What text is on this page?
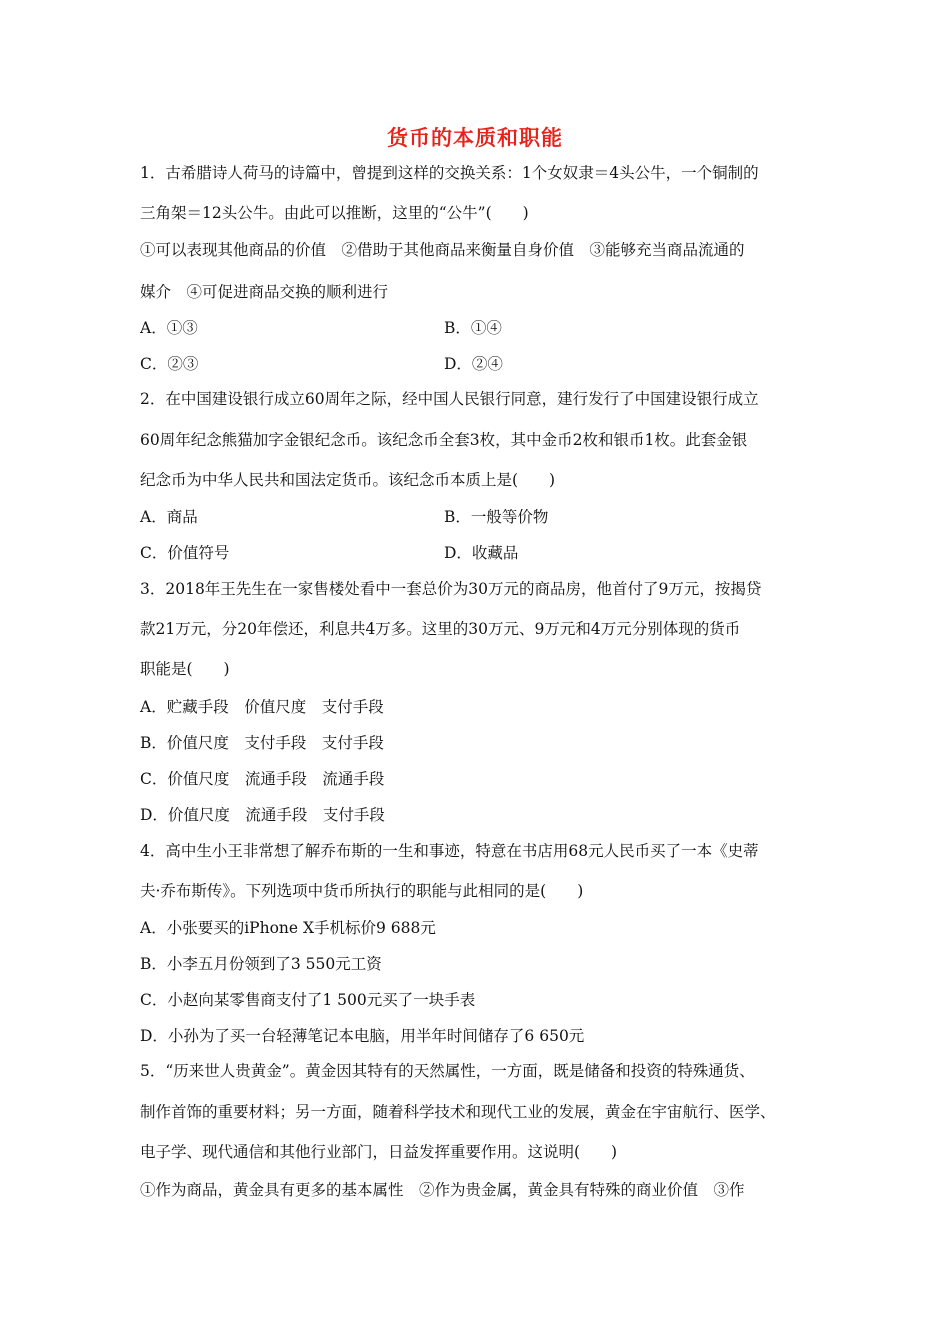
货币的本质和职能
1．古希腊诗人荷马的诗篇中，曾提到这样的交换关系：1个女奴隶＝4头公牛，一个铜制的
三角架＝12头公牛。由此可以推断，这里的“公牛”(　　)
①可以表现其他商品的价值　②借助于其他商品来衡量自身价值　③能够充当商品流通的
媒介　④可促进商品交换的顺利进行
A．①③	B．①④
C．②③	D．②④
2．在中国建设银行成立60周年之际，经中国人民银行同意，建行发行了中国建设银行成立
60周年纪念熊猫加字金银纪念币。该纪念币全套3枚，其中金币2枚和银币1枚。此套金银
纪念币为中华人民共和国法定货币。该纪念币本质上是(　　)
A．商品	B．一般等价物
C．价值符号	D．收藏品
3．2018年王先生在一家售楼处看中一套总价为30万元的商品房，他首付了9万元，按揭贷
款21万元，分20年偿还，利息共4万多。这里的30万元、9万元和4万元分别体现的货币
职能是(　　)
A．贮藏手段　价值尺度　支付手段
B．价值尺度　支付手段　支付手段
C．价值尺度　流通手段　流通手段
D．价值尺度　流通手段　支付手段
4．高中生小王非常想了解乔布斯的一生和事迹，特意在书店用68元人民币买了一本《史蒂
夫·乔布斯传》。下列选项中货币所执行的职能与此相同的是(　　)
A．小张要买的iPhone X手机标价9 688元
B．小李五月份领到了3 550元工资
C．小赵向某零售商支付了1 500元买了一块手表
D．小孙为了买一台轻薄笔记本电脑，用半年时间储存了6 650元
5．“历来世人贵黄金”。黄金因其特有的天然属性，一方面，既是储备和投资的特殊通货、
制作首饰的重要材料；另一方面，随着科学技术和现代工业的发展，黄金在宇宙航行、医学、
电子学、现代通信和其他行业部门，日益发挥重要作用。这说明(　　)
①作为商品，黄金具有更多的基本属性　②作为贵金属，黄金具有特殊的商业价值　③作
